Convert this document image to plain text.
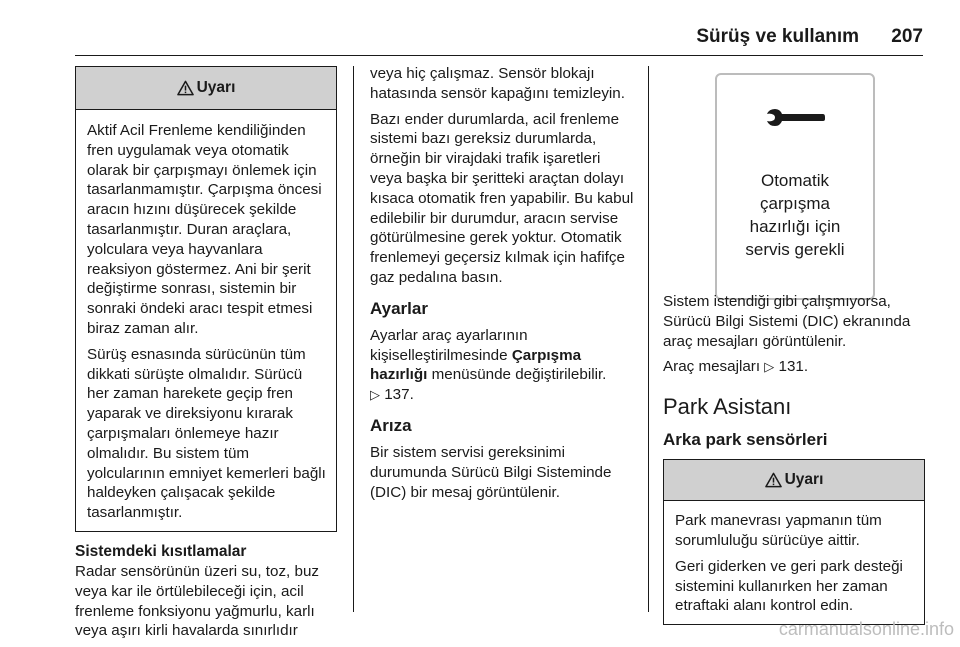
Sürüş ve kullanım 207
Uyarı

Aktif Acil Frenleme kendiliğinden fren uygulamak veya otomatik olarak bir çarpışmayı önlemek için tasarlanmamıştır. Çarpışma öncesi aracın hızını düşürecek şekilde tasarlanmıştır. Duran araçlara, yolculara veya hayvanlara reaksiyon göstermez. Ani bir şerit değiştirme sonrası, sistemin bir sonraki öndeki aracı tespit etmesi biraz zaman alır.

Sürüş esnasında sürücünün tüm dikkati sürüşte olmalıdır. Sürücü her zaman harekete geçip fren yaparak ve direksiyonu kırarak çarpışmaları önlemeye hazır olmalıdır. Bu sistem tüm yolcularının emniyet kemerleri bağlı haldeyken çalışacak şekilde tasarlanmıştır.

Sistemdeki kısıtlamalar

Radar sensörünün üzeri su, toz, buz veya kar ile örtülebileceği için, acil frenleme fonksiyonu yağmurlu, karlı veya aşırı kirli havalarda sınırlıdır

veya hiç çalışmaz. Sensör blokajı hatasında sensör kapağını temizleyin.

Bazı ender durumlarda, acil frenleme sistemi bazı gereksiz durumlarda, örneğin bir virajdaki trafik işaretleri veya başka bir şeritteki araçtan dolayı kısaca otomatik fren yapabilir. Bu kabul edilebilir bir durumdur, aracın servise götürülmesine gerek yoktur. Otomatik frenlemeyi geçersiz kılmak için hafifçe gaz pedalına basın.

Ayarlar

Ayarlar araç ayarlarının kişiselleştirilmesinde Çarpışma hazırlığı menüsünde değiştirilebilir.
▷ 137.

Arıza

Bir sistem servisi gereksinimi durumunda Sürücü Bilgi Sisteminde (DIC) bir mesaj görüntülenir.

Otomatik
çarpışma
hazırlığı için
servis gerekli

Sistem istendiği gibi çalışmıyorsa, Sürücü Bilgi Sistemi (DIC) ekranında araç mesajları görüntülenir.

Araç mesajları ▷ 131.

Park Asistanı
Arka park sensörleri
Uyarı

Park manevrası yapmanın tüm sorumluluğu sürücüye aittir.

Geri giderken ve geri park desteği sistemini kullanırken her zaman etraftaki alanı kontrol edin.

carmanualsonline.info
